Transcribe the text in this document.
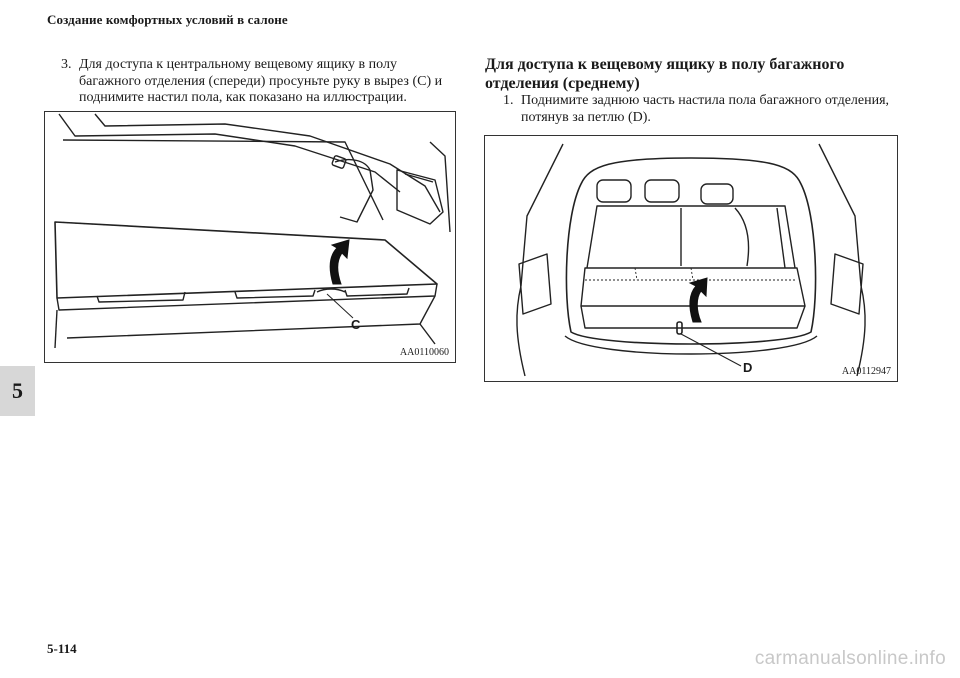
Создание комфортных условий в салоне
5
3. Для доступа к центральному вещевому ящику в полу багажного отделения (спереди) просуньте руку в вырез (C) и поднимите настил пола, как показано на иллюстрации.
C
AA0110060
Для доступа к вещевому ящику в полу багажного отделения (среднему)
1. Поднимите заднюю часть настила пола багажного отделения, потянув за петлю (D).
D	AA0112947
5-114	carmanualsonline.info
